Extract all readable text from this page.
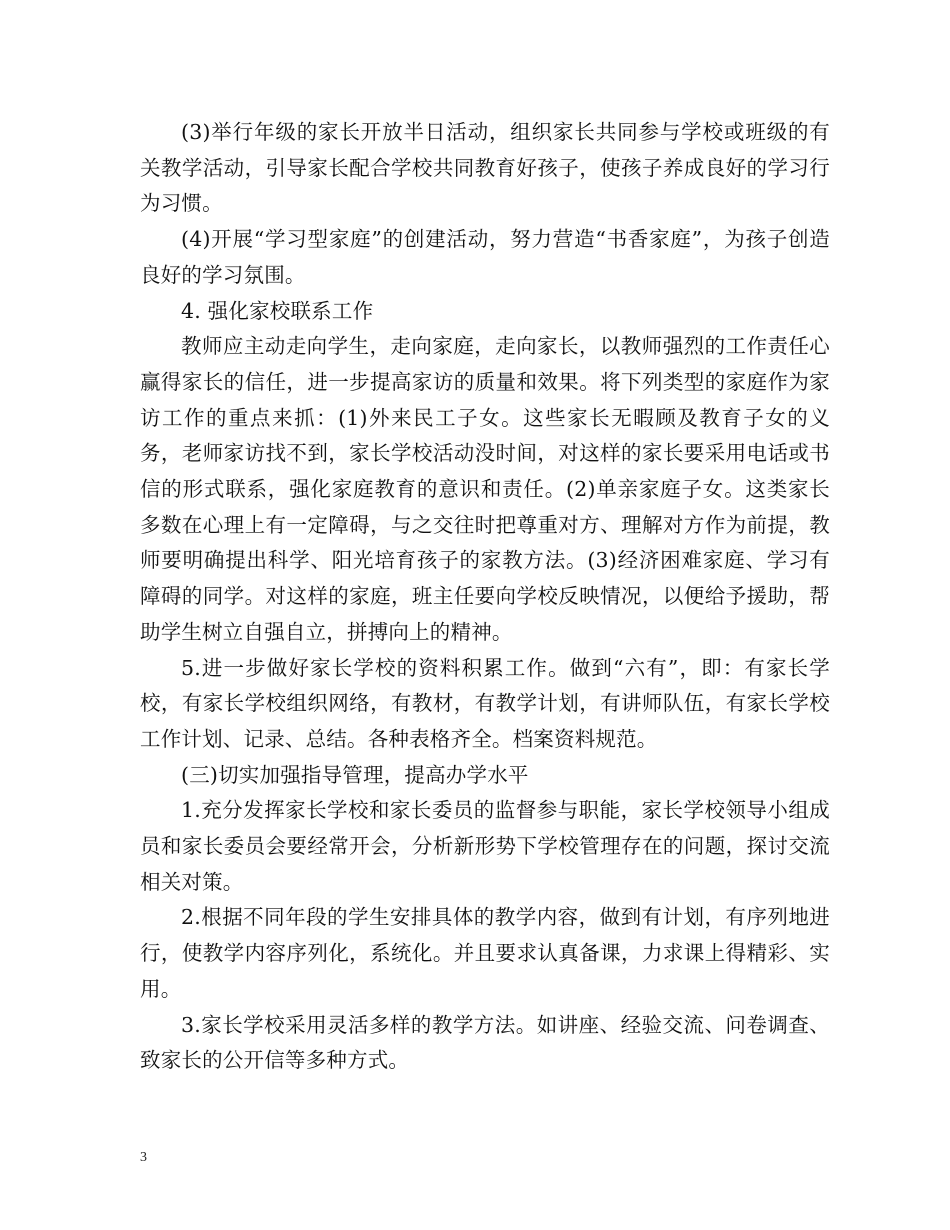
(3)举行年级的家长开放半日活动，组织家长共同参与学校或班级的有关教学活动，引导家长配合学校共同教育好孩子，使孩子养成良好的学习行为习惯。

(4)开展“学习型家庭”的创建活动，努力营造“书香家庭”，为孩子创造良好的学习氛围。

4. 强化家校联系工作

教师应主动走向学生，走向家庭，走向家长，以教师强烈的工作责任心赢得家长的信任，进一步提高家访的质量和效果。将下列类型的家庭作为家访工作的重点来抓：(1)外来民工子女。这些家长无暇顾及教育子女的义务，老师家访找不到，家长学校活动没时间，对这样的家长要采用电话或书信的形式联系，强化家庭教育的意识和责任。(2)单亲家庭子女。这类家长多数在心理上有一定障碍，与之交往时把尊重对方、理解对方作为前提，教师要明确提出科学、阳光培育孩子的家教方法。(3)经济困难家庭、学习有障碍的同学。对这样的家庭，班主任要向学校反映情况，以便给予援助，帮助学生树立自强自立，拼搏向上的精神。

5.进一步做好家长学校的资料积累工作。做到“六有”，即：有家长学校，有家长学校组织网络，有教材，有教学计划，有讲师队伍，有家长学校工作计划、记录、总结。各种表格齐全。档案资料规范。

(三)切实加强指导管理，提高办学水平

1.充分发挥家长学校和家长委员的监督参与职能，家长学校领导小组成员和家长委员会要经常开会，分析新形势下学校管理存在的问题，探讨交流相关对策。

2.根据不同年段的学生安排具体的教学内容，做到有计划，有序列地进行，使教学内容序列化，系统化。并且要求认真备课，力求课上得精彩、实用。

3.家长学校采用灵活多样的教学方法。如讲座、经验交流、问卷调查、致家长的公开信等多种方式。

3
